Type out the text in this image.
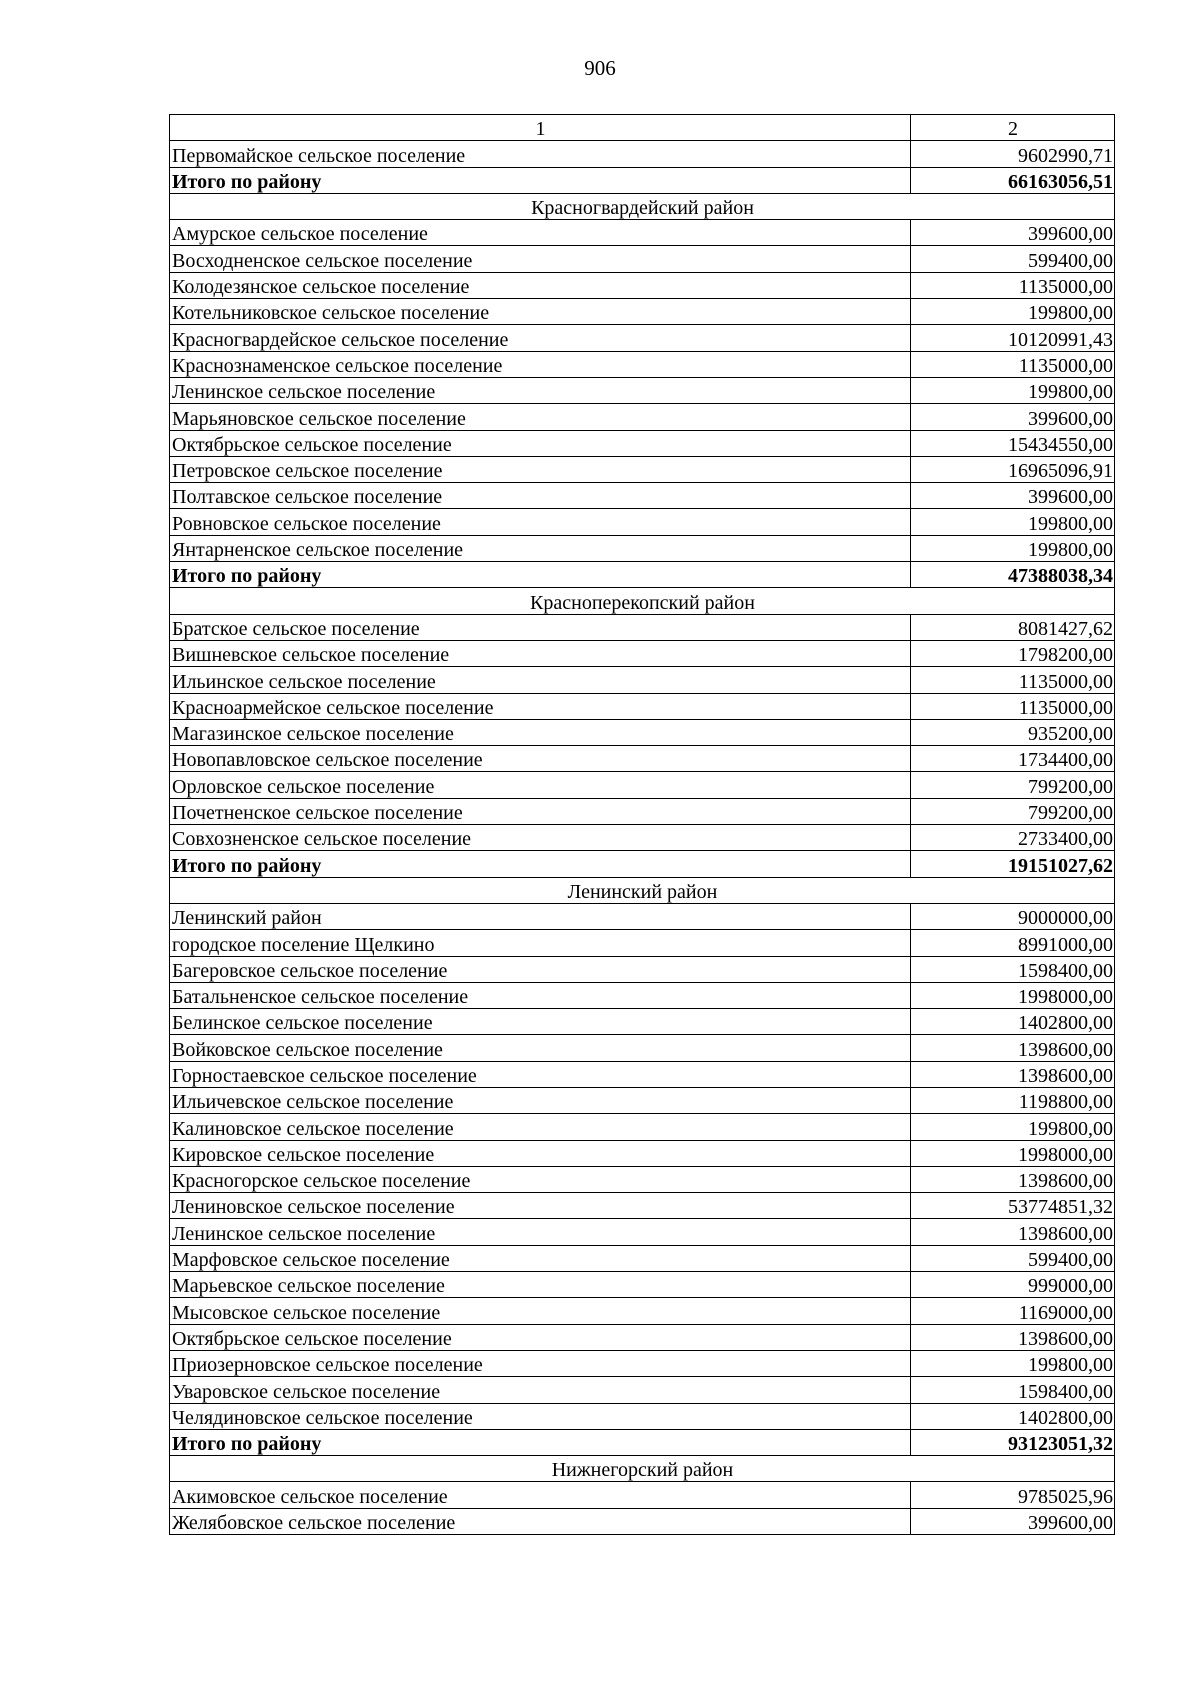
906
1	2
Первомайское сельское поселение	9602990,71
Итого по району	66163056,51
Красногвардейский район	
Амурское сельское поселение	399600,00
Восходненское сельское поселение	599400,00
Колодезянское сельское поселение	1135000,00
Котельниковское сельское поселение	199800,00
Красногвардейское сельское поселение	10120991,43
Краснознаменское сельское поселение	1135000,00
Ленинское сельское поселение	199800,00
Марьяновское сельское поселение	399600,00
Октябрьское сельское поселение	15434550,00
Петровское сельское поселение	16965096,91
Полтавское сельское поселение	399600,00
Ровновское сельское поселение	199800,00
Янтарненское сельское поселение	199800,00
Итого по району	47388038,34
Красноперекопский район	
Братское сельское поселение	8081427,62
Вишневское сельское поселение	1798200,00
Ильинское сельское поселение	1135000,00
Красноармейское сельское поселение	1135000,00
Магазинское сельское поселение	935200,00
Новопавловское сельское поселение	1734400,00
Орловское сельское поселение	799200,00
Почетненское сельское поселение	799200,00
Совхозненское сельское поселение	2733400,00
Итого по району	19151027,62
Ленинский район	
Ленинский район	9000000,00
городское поселение Щелкино	8991000,00
Багеровское сельское поселение	1598400,00
Батальненское сельское поселение	1998000,00
Белинское сельское поселение	1402800,00
Войковское сельское поселение	1398600,00
Горностаевское сельское поселение	1398600,00
Ильичевское сельское поселение	1198800,00
Калиновское сельское поселение	199800,00
Кировское сельское поселение	1998000,00
Красногорское сельское поселение	1398600,00
Лениновское сельское поселение	53774851,32
Ленинское сельское поселение	1398600,00
Марфовское сельское поселение	599400,00
Марьевское сельское поселение	999000,00
Мысовское сельское поселение	1169000,00
Октябрьское сельское поселение	1398600,00
Приозерновское сельское поселение	199800,00
Уваровское сельское поселение	1598400,00
Челядиновское сельское поселение	1402800,00
Итого по району	93123051,32
Нижнегорский район	
Акимовское сельское поселение	9785025,96
Желябовское сельское поселение	399600,00
